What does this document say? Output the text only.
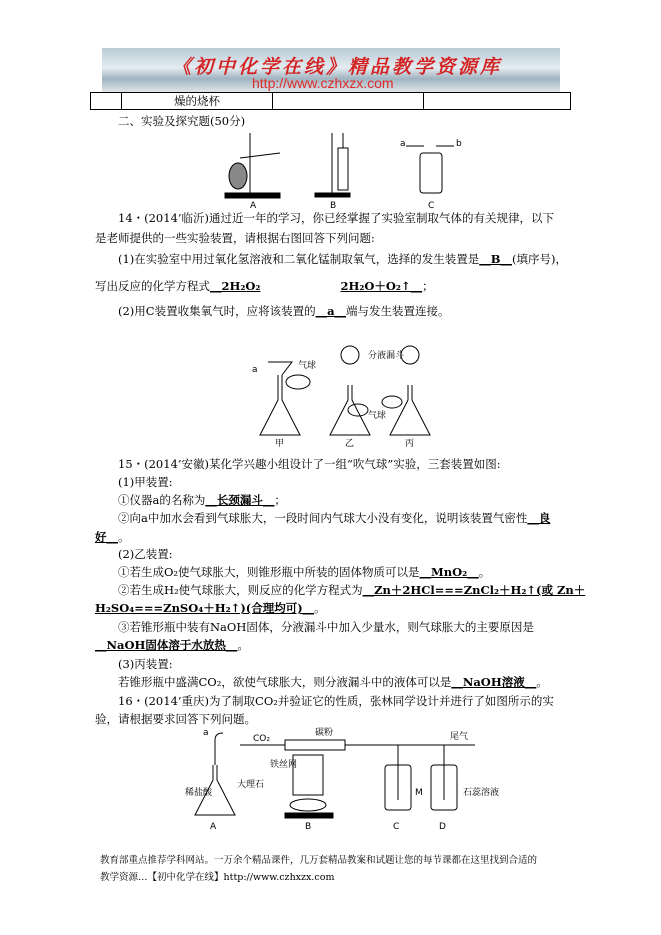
《初中化学在线》精品教学资源库
http://www.czhxzx.com
	燥的烧杯		
二、实验及探究题(50分)
A	B	C
a	b
14・(2014’临沂)通过近一年的学习，你已经掌握了实验室制取气体的有关规律，以下
是老师提供的一些实验装置，请根据右图回答下列问题:
(1)在实验室中用过氧化氢溶液和二氧化锰制取氧气，选择的发生装置是__B__(填序号)，
写出反应的化学方程式__2H₂O₂	2H₂O＋O₂↑__；
(2)用C装置收集氧气时，应将该装置的__a__端与发生装置连接。
甲	乙	丙
a	气球
分液漏斗
气球
15・(2014’安徽)某化学兴趣小组设计了一组“吹气球”实验，三套装置如图:
(1)甲装置:
①仪器a的名称为__长颈漏斗__；
②向a中加水会看到气球胀大，一段时间内气球大小没有变化，说明该装置气密性__良
好__。
(2)乙装置:
①若生成O₂使气球胀大，则锥形瓶中所装的固体物质可以是__MnO₂__。
②若生成H₂使气球胀大，则反应的化学方程式为__Zn＋2HCl===ZnCl₂＋H₂↑(或 Zn＋
H₂SO₄===ZnSO₄＋H₂↑)(合理均可)__。
③若锥形瓶中装有NaOH固体，分液漏斗中加入少量水，则气球胀大的主要原因是
__NaOH固体溶于水放热__。
(3)丙装置:
若锥形瓶中盛满CO₂，欲使气球胀大，则分液漏斗中的液体可以是__NaOH溶液__。
16・(2014’重庆)为了制取CO₂并验证它的性质，张林同学设计并进行了如图所示的实
验，请根据要求回答下列问题。
A	B	C	D
a
CO₂
碳粉
铁丝网
尾气
稀盐酸
大理石
M	石蕊溶液
教育部重点推荐学科网站。一万余个精品课件，几万套精品教案和试题让您的每节课都在这里找到合适的
教学资源…【初中化学在线】http://www.czhxzx.com
